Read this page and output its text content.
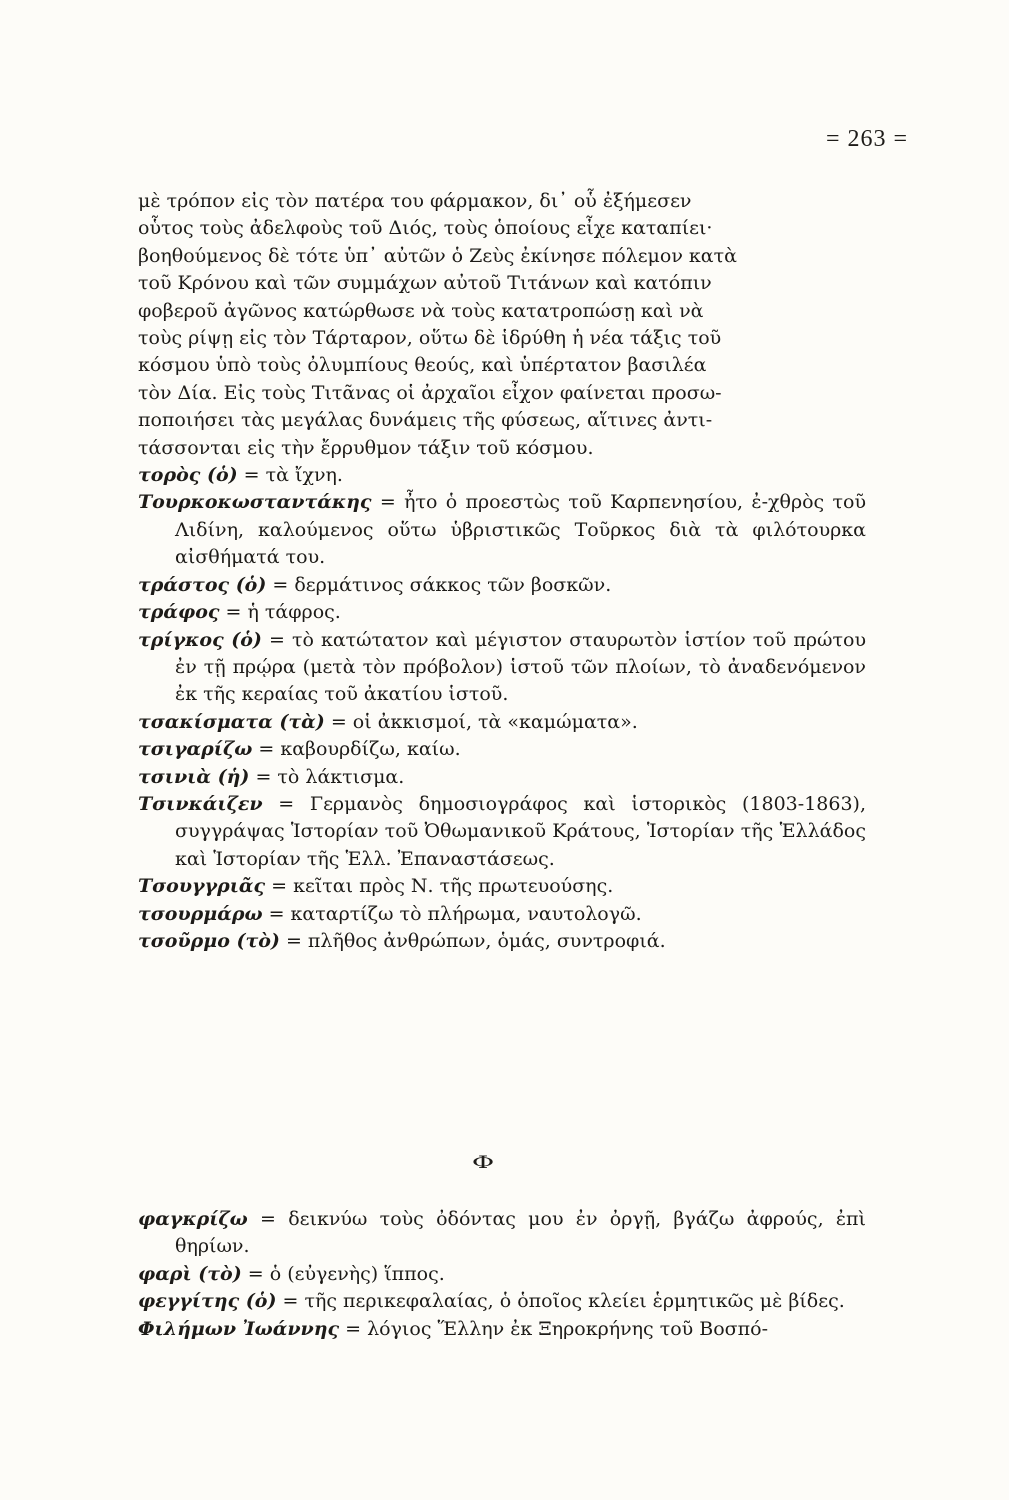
= 263 =
μὲ τρόπον εἰς τὸν πατέρα του φάρμακον, δι᾿ οὗ ἐξήμεσεν
οὗτος τοὺς ἀδελφοὺς τοῦ Διός, τοὺς ὁποίους εἶχε καταπίει·
βοηθούμενος δὲ τότε ὑπ᾿ αὐτῶν ὁ Ζεὺς ἐκίνησε πόλεμον κατὰ
τοῦ Κρόνου καὶ τῶν συμμάχων αὐτοῦ Τιτάνων καὶ κατόπιν
φοβεροῦ ἀγῶνος κατώρθωσε νὰ τοὺς κατατροπώσῃ καὶ νὰ
τοὺς ρίψῃ εἰς τὸν Τάρταρον, οὕτω δὲ ἱδρύθη ἡ νέα τάξις τοῦ
κόσμου ὑπὸ τοὺς ὀλυμπίους θεούς, καὶ ὑπέρτατον βασιλέα
τὸν Δία. Εἰς τοὺς Τιτᾶνας οἱ ἀρχαῖοι εἶχον φαίνεται προσω-
ποποιήσει τὰς μεγάλας δυνάμεις τῆς φύσεως, αἵτινες ἀντι-
τάσσονται εἰς τὴν ἔρρυθμον τάξιν τοῦ κόσμου.

τορὸς (ὁ) = τὰ ἴχνη.

Τουρκοκωσταντάκης = ἦτο ὁ προεστὼς τοῦ Καρπενησίου, ἐ-χθρὸς τοῦ Λιδίνη, καλούμενος οὕτω ὑβριστικῶς Τοῦρκος διὰ τὰ φιλότουρκα αἰσθήματά του.

τράστος (ὁ) = δερμάτινος σάκκος τῶν βοσκῶν.

τράφος = ἡ τάφρος.

τρίγκος (ὁ) = τὸ κατώτατον καὶ μέγιστον σταυρωτὸν ἱστίον τοῦ πρώτου ἐν τῇ πρῴρα (μετὰ τὸν πρόβολον) ἱστοῦ τῶν πλοίων, τὸ ἀναδενόμενον ἐκ τῆς κεραίας τοῦ ἀκατίου ἱστοῦ.

τσακίσματα (τὰ) = οἱ ἀκκισμοί, τὰ «καμώματα».

τσιγαρίζω = καβουρδίζω, καίω.

τσινιὰ (ἡ) = τὸ λάκτισμα.

Τσινκάιζεν = Γερμανὸς δημοσιογράφος καὶ ἱστορικὸς (1803-1863), συγγράψας Ἱστορίαν τοῦ Ὀθωμανικοῦ Κράτους, Ἱστορίαν τῆς Ἑλλάδος καὶ Ἱστορίαν τῆς Ἑλλ. Ἐπαναστάσεως.

Τσουγγριᾶς = κεῖται πρὸς Ν. τῆς πρωτευούσης.

τσουρμάρω = καταρτίζω τὸ πλήρωμα, ναυτολογῶ.

τσοῦρμο (τὸ) = πλῆθος ἀνθρώπων, ὁμάς, συντροφιά.

Φ

φαγκρίζω = δεικνύω τοὺς ὀδόντας μου ἐν ὀργῇ, βγάζω ἀφρούς, ἐπὶ θηρίων.

φαρὶ (τὸ) = ὁ (εὐγενὴς) ἵππος.

φεγγίτης (ὁ) = τῆς περικεφαλαίας, ὁ ὁποῖος κλείει ἑρμητικῶς μὲ βίδες.

Φιλήμων Ἰωάννης = λόγιος Ἕλλην ἐκ Ξηροκρήνης τοῦ Βοσπό-
